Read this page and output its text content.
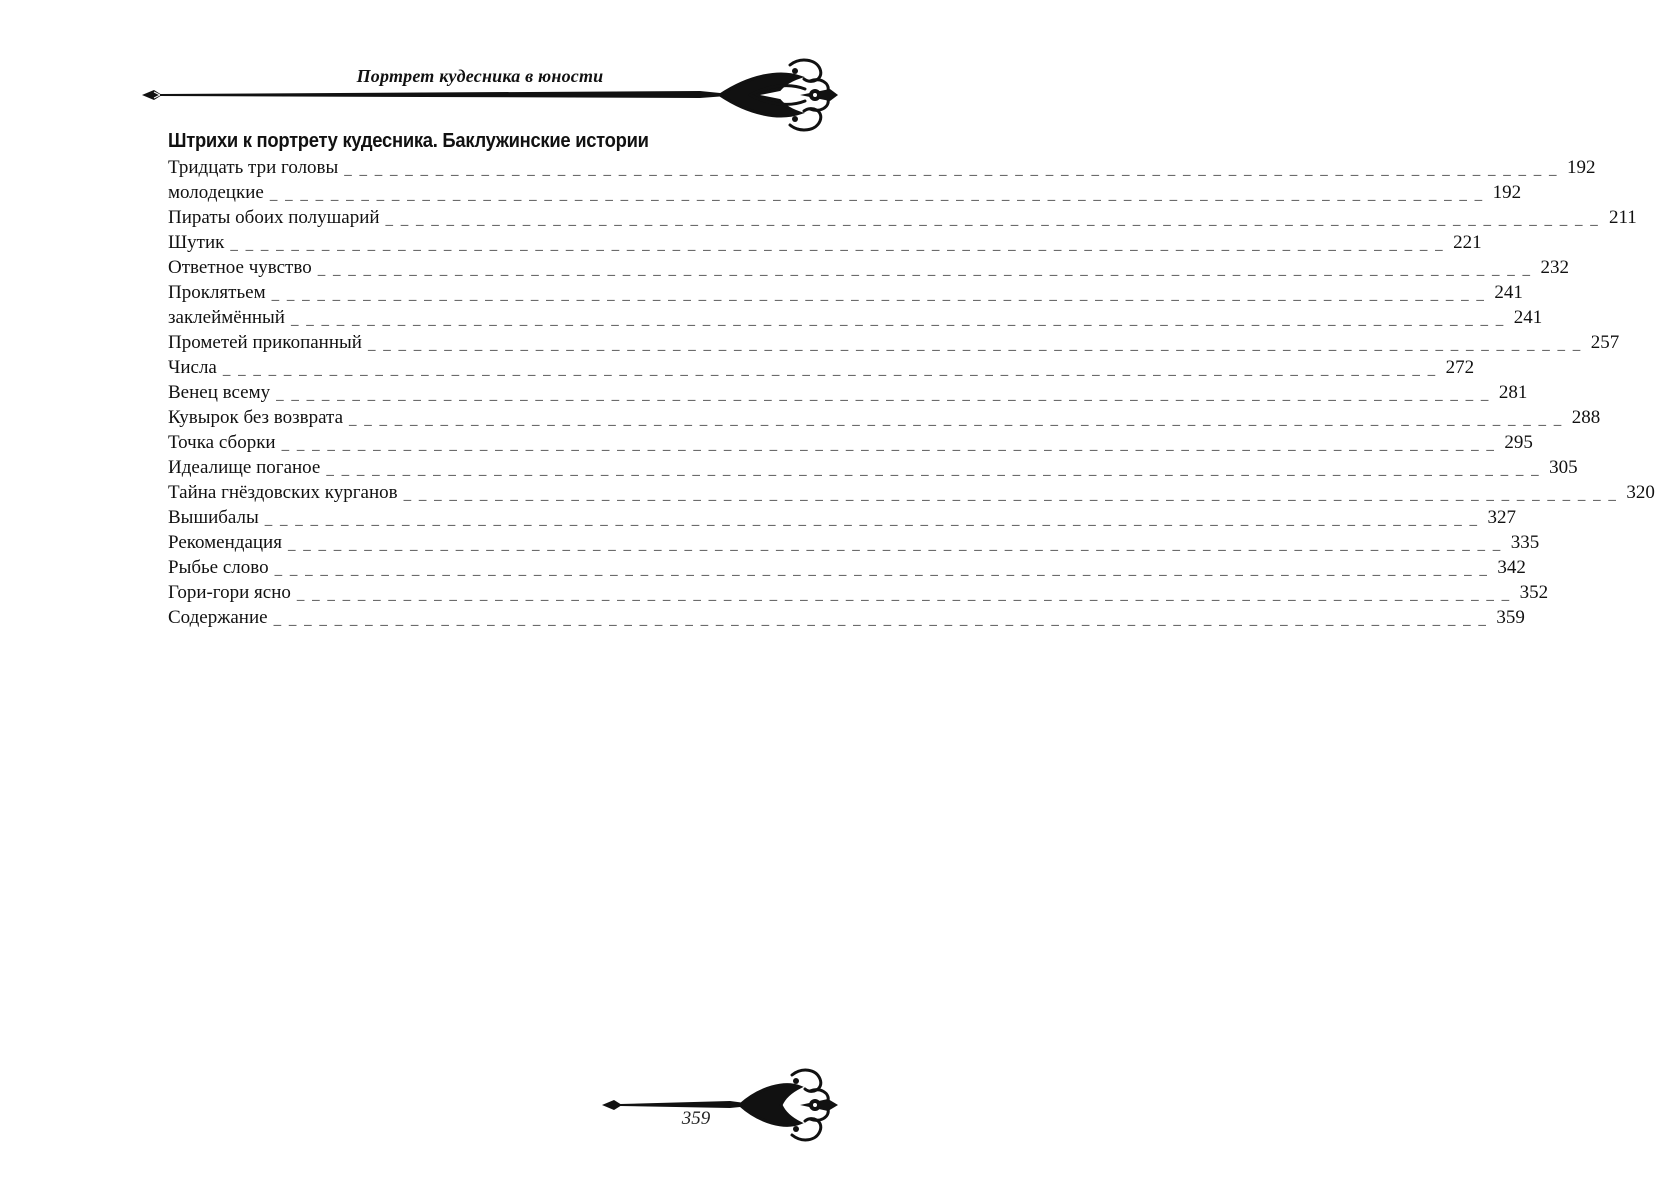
Портрет кудесника в юности
Штрихи к портрету кудесника. Баклужинские истории
Тридцать три головы _ _ _ _ _ _ _ _ _ _ _ _ _ _ _ _ _ _ _ _ _ _ _ _ _ _ _ _ _ _ _ _ _ _ _ _ _ _ _ _ _ _ _ _ _ _ _ _ _ _ _ _ _ _ _ _ _ _ _ _ _ _ _ _ _ _ _ _ _ _ _ _ _ _ _ _ _ _ _ _ 192
молодецкие _ _ _ _ _ _ _ _ _ _ _ _ _ _ _ _ _ _ _ _ _ _ _ _ _ _ _ _ _ _ _ _ _ _ _ _ _ _ _ _ _ _ _ _ _ _ _ _ _ _ _ _ _ _ _ _ _ _ _ _ _ _ _ _ _ _ _ _ _ _ _ _ _ _ _ _ _ _ _ _ 192
Пираты обоих полушарий _ _ _ _ _ _ _ _ _ _ _ _ _ _ _ _ _ _ _ _ _ _ _ _ _ _ _ _ _ _ _ _ _ _ _ _ _ _ _ _ _ _ _ _ _ _ _ _ _ _ _ _ _ _ _ _ _ _ _ _ _ _ _ _ _ _ _ _ _ _ _ _ _ _ _ _ _ _ _ _ 211
Шутик _ _ _ _ _ _ _ _ _ _ _ _ _ _ _ _ _ _ _ _ _ _ _ _ _ _ _ _ _ _ _ _ _ _ _ _ _ _ _ _ _ _ _ _ _ _ _ _ _ _ _ _ _ _ _ _ _ _ _ _ _ _ _ _ _ _ _ _ _ _ _ _ _ _ _ _ _ _ _ _ 221
Ответное чувство _ _ _ _ _ _ _ _ _ _ _ _ _ _ _ _ _ _ _ _ _ _ _ _ _ _ _ _ _ _ _ _ _ _ _ _ _ _ _ _ _ _ _ _ _ _ _ _ _ _ _ _ _ _ _ _ _ _ _ _ _ _ _ _ _ _ _ _ _ _ _ _ _ _ _ _ _ _ _ _ 232
Проклятьем _ _ _ _ _ _ _ _ _ _ _ _ _ _ _ _ _ _ _ _ _ _ _ _ _ _ _ _ _ _ _ _ _ _ _ _ _ _ _ _ _ _ _ _ _ _ _ _ _ _ _ _ _ _ _ _ _ _ _ _ _ _ _ _ _ _ _ _ _ _ _ _ _ _ _ _ _ _ _ _ 241
заклеймённый _ _ _ _ _ _ _ _ _ _ _ _ _ _ _ _ _ _ _ _ _ _ _ _ _ _ _ _ _ _ _ _ _ _ _ _ _ _ _ _ _ _ _ _ _ _ _ _ _ _ _ _ _ _ _ _ _ _ _ _ _ _ _ _ _ _ _ _ _ _ _ _ _ _ _ _ _ _ _ _ 241
Прометей прикопанный _ _ _ _ _ _ _ _ _ _ _ _ _ _ _ _ _ _ _ _ _ _ _ _ _ _ _ _ _ _ _ _ _ _ _ _ _ _ _ _ _ _ _ _ _ _ _ _ _ _ _ _ _ _ _ _ _ _ _ _ _ _ _ _ _ _ _ _ _ _ _ _ _ _ _ _ _ _ _ _ 257
Числа _ _ _ _ _ _ _ _ _ _ _ _ _ _ _ _ _ _ _ _ _ _ _ _ _ _ _ _ _ _ _ _ _ _ _ _ _ _ _ _ _ _ _ _ _ _ _ _ _ _ _ _ _ _ _ _ _ _ _ _ _ _ _ _ _ _ _ _ _ _ _ _ _ _ _ _ _ _ _ _ 272
Венец всему _ _ _ _ _ _ _ _ _ _ _ _ _ _ _ _ _ _ _ _ _ _ _ _ _ _ _ _ _ _ _ _ _ _ _ _ _ _ _ _ _ _ _ _ _ _ _ _ _ _ _ _ _ _ _ _ _ _ _ _ _ _ _ _ _ _ _ _ _ _ _ _ _ _ _ _ _ _ _ _ 281
Кувырок без возврата _ _ _ _ _ _ _ _ _ _ _ _ _ _ _ _ _ _ _ _ _ _ _ _ _ _ _ _ _ _ _ _ _ _ _ _ _ _ _ _ _ _ _ _ _ _ _ _ _ _ _ _ _ _ _ _ _ _ _ _ _ _ _ _ _ _ _ _ _ _ _ _ _ _ _ _ _ _ _ _ 288
Точка сборки _ _ _ _ _ _ _ _ _ _ _ _ _ _ _ _ _ _ _ _ _ _ _ _ _ _ _ _ _ _ _ _ _ _ _ _ _ _ _ _ _ _ _ _ _ _ _ _ _ _ _ _ _ _ _ _ _ _ _ _ _ _ _ _ _ _ _ _ _ _ _ _ _ _ _ _ _ _ _ _ 295
Идеалище поганое _ _ _ _ _ _ _ _ _ _ _ _ _ _ _ _ _ _ _ _ _ _ _ _ _ _ _ _ _ _ _ _ _ _ _ _ _ _ _ _ _ _ _ _ _ _ _ _ _ _ _ _ _ _ _ _ _ _ _ _ _ _ _ _ _ _ _ _ _ _ _ _ _ _ _ _ _ _ _ _ 305
Тайна гнёздовских курганов _ _ _ _ _ _ _ _ _ _ _ _ _ _ _ _ _ _ _ _ _ _ _ _ _ _ _ _ _ _ _ _ _ _ _ _ _ _ _ _ _ _ _ _ _ _ _ _ _ _ _ _ _ _ _ _ _ _ _ _ _ _ _ _ _ _ _ _ _ _ _ _ _ _ _ _ _ _ _ _ 320
Вышибалы _ _ _ _ _ _ _ _ _ _ _ _ _ _ _ _ _ _ _ _ _ _ _ _ _ _ _ _ _ _ _ _ _ _ _ _ _ _ _ _ _ _ _ _ _ _ _ _ _ _ _ _ _ _ _ _ _ _ _ _ _ _ _ _ _ _ _ _ _ _ _ _ _ _ _ _ _ _ _ _ 327
Рекомендация _ _ _ _ _ _ _ _ _ _ _ _ _ _ _ _ _ _ _ _ _ _ _ _ _ _ _ _ _ _ _ _ _ _ _ _ _ _ _ _ _ _ _ _ _ _ _ _ _ _ _ _ _ _ _ _ _ _ _ _ _ _ _ _ _ _ _ _ _ _ _ _ _ _ _ _ _ _ _ _ 335
Рыбье слово _ _ _ _ _ _ _ _ _ _ _ _ _ _ _ _ _ _ _ _ _ _ _ _ _ _ _ _ _ _ _ _ _ _ _ _ _ _ _ _ _ _ _ _ _ _ _ _ _ _ _ _ _ _ _ _ _ _ _ _ _ _ _ _ _ _ _ _ _ _ _ _ _ _ _ _ _ _ _ _ 342
Гори-гори ясно _ _ _ _ _ _ _ _ _ _ _ _ _ _ _ _ _ _ _ _ _ _ _ _ _ _ _ _ _ _ _ _ _ _ _ _ _ _ _ _ _ _ _ _ _ _ _ _ _ _ _ _ _ _ _ _ _ _ _ _ _ _ _ _ _ _ _ _ _ _ _ _ _ _ _ _ _ _ _ _ 352
Содержание _ _ _ _ _ _ _ _ _ _ _ _ _ _ _ _ _ _ _ _ _ _ _ _ _ _ _ _ _ _ _ _ _ _ _ _ _ _ _ _ _ _ _ _ _ _ _ _ _ _ _ _ _ _ _ _ _ _ _ _ _ _ _ _ _ _ _ _ _ _ _ _ _ _ _ _ _ _ _ _ 359
359
